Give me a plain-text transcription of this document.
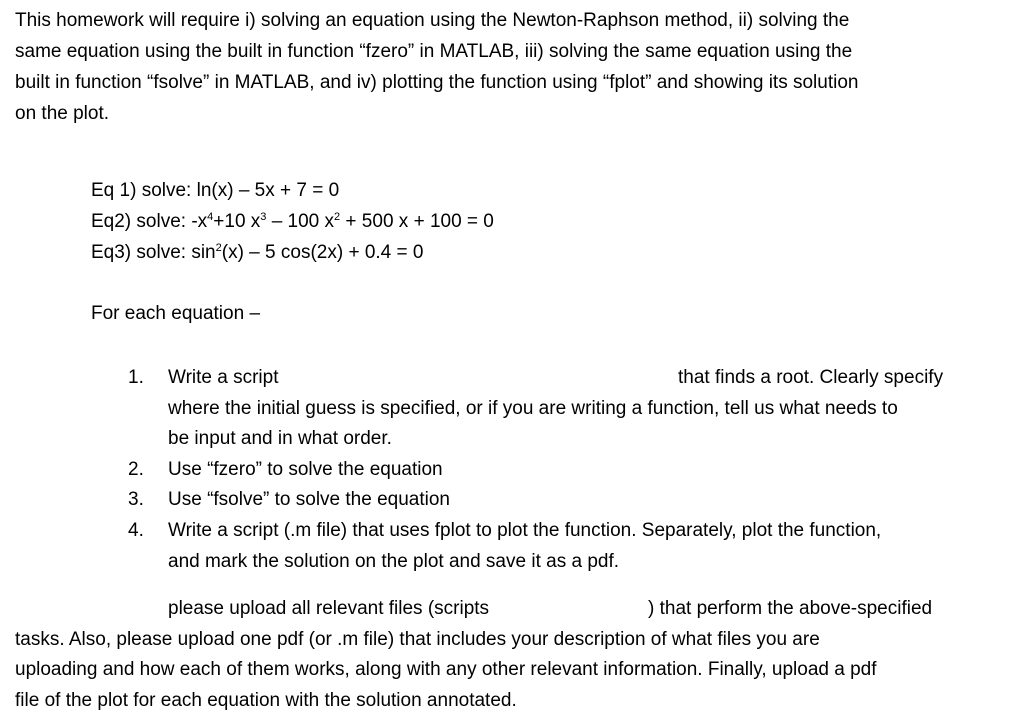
This homework will require i) solving an equation using the Newton-Raphson method, ii) solving the
same equation using the built in function “fzero” in MATLAB, iii) solving the same equation using the
built in function “fsolve” in MATLAB, and iv) plotting the function using “fplot” and showing its solution
on the plot.
Eq 1) solve: ln(x) – 5x + 7 = 0
Eq2) solve: $-x^4+10$ $x^3 - 100$ $x^2 + 500$ x + 100 = 0
Eq3) solve: $\sin^2(x) - 5$ cos(2x) + 0.4 = 0
For each equation –
1. Write a script	that finds a root. Clearly specify
where the initial guess is specified, or if you are writing a function, tell us what needs to
be input and in what order.
2. Use “fzero” to solve the equation
3. Use “fsolve” to solve the equation
4. Write a script (.m file) that uses fplot to plot the function. Separately, plot the function,
and mark the solution on the plot and save it as a pdf.
please upload all relevant files (scripts	) that perform the above-specified
tasks. Also, please upload one pdf (or .m file) that includes your description of what files you are
uploading and how each of them works, along with any other relevant information. Finally, upload a pdf
file of the plot for each equation with the solution annotated.
